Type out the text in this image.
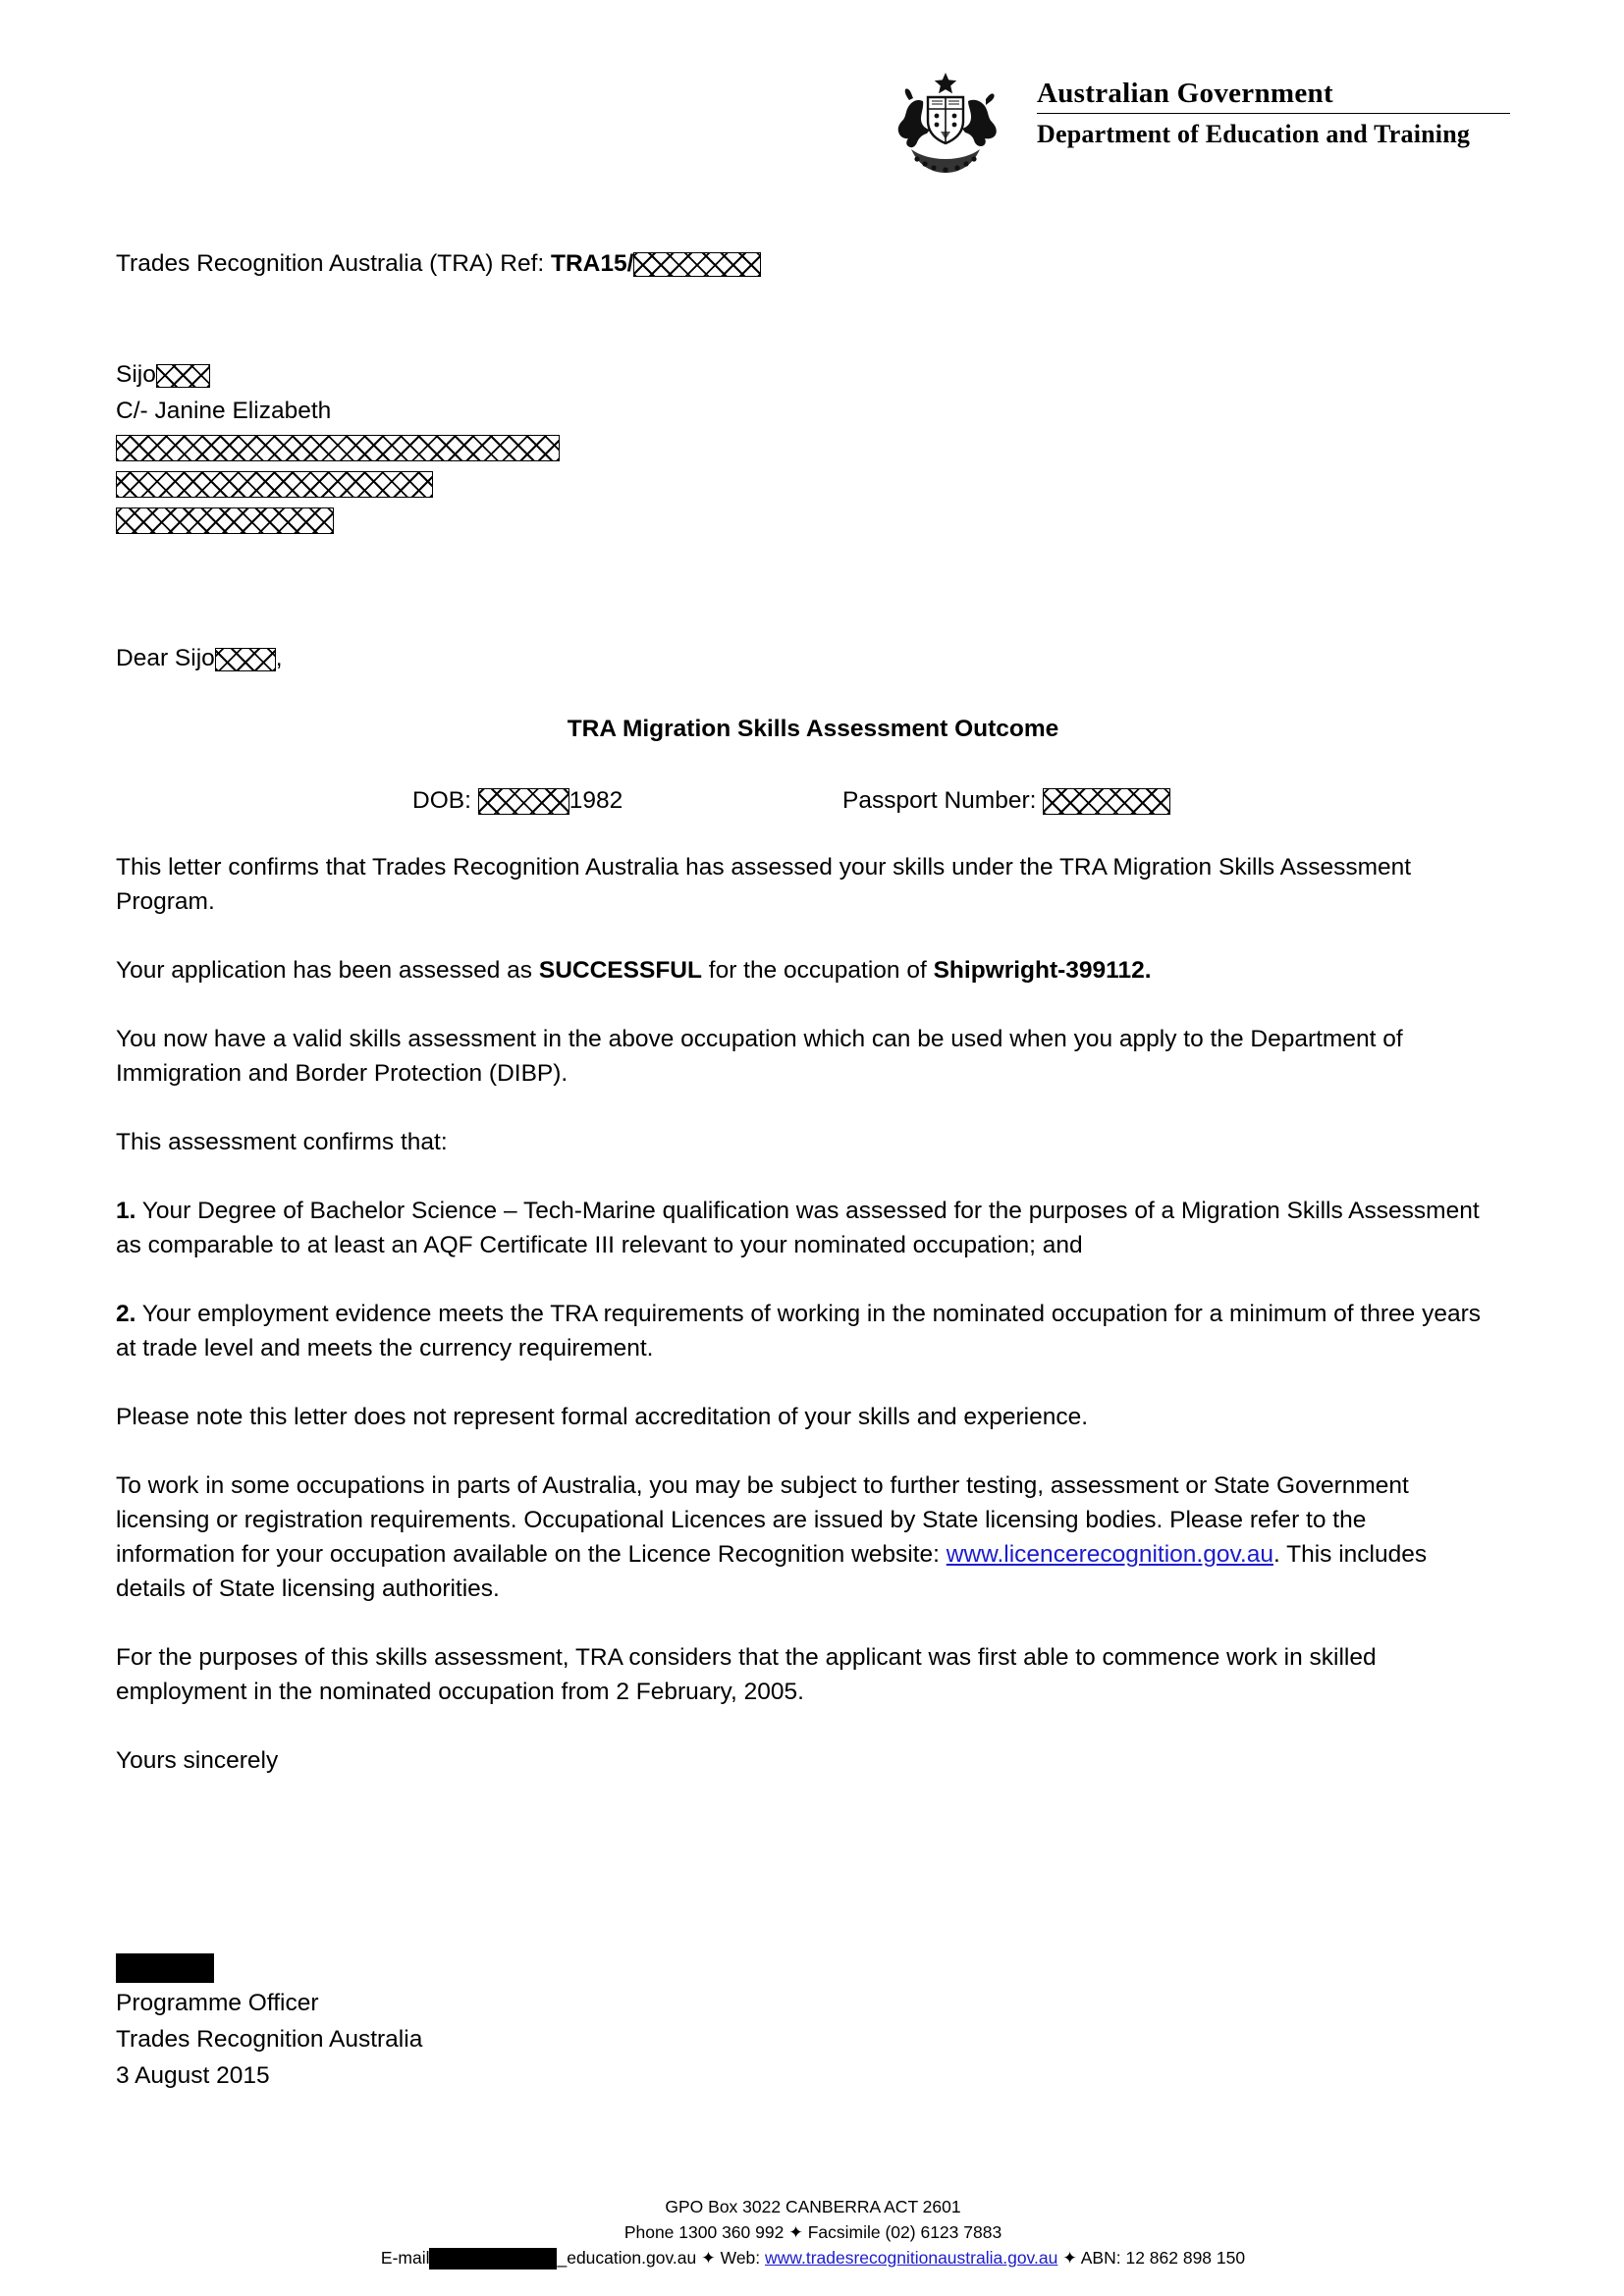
Australian Government
Department of Education and Training
Trades Recognition Australia (TRA) Ref: TRA15/
Sijo
C/- Janine Elizabeth
Dear Sijo	,
TRA Migration Skills Assessment Outcome
DOB:	1982	Passport Number:
This letter confirms that Trades Recognition Australia has assessed your skills under the TRA Migration Skills Assessment Program.
Your application has been assessed as SUCCESSFUL for the occupation of Shipwright-399112.
You now have a valid skills assessment in the above occupation which can be used when you apply to the Department of Immigration and Border Protection (DIBP).
This assessment confirms that:
1. Your Degree of Bachelor Science – Tech-Marine qualification was assessed for the purposes of a Migration Skills Assessment as comparable to at least an AQF Certificate III relevant to your nominated occupation; and
2. Your employment evidence meets the TRA requirements of working in the nominated occupation for a minimum of three years at trade level and meets the currency requirement.
Please note this letter does not represent formal accreditation of your skills and experience.
To work in some occupations in parts of Australia, you may be subject to further testing, assessment or State Government licensing or registration requirements. Occupational Licences are issued by State licensing bodies. Please refer to the information for your occupation available on the Licence Recognition website: www.licencerecognition.gov.au. This includes details of State licensing authorities.
For the purposes of this skills assessment, TRA considers that the applicant was first able to commence work in skilled employment in the nominated occupation from 2 February, 2005.
Yours sincerely
Programme Officer
Trades Recognition Australia
3 August 2015
GPO Box 3022 CANBERRA ACT 2601
Phone 1300 360 992 ✦ Facsimile (02) 6123 7883
E-mail	_education.gov.au ✦ Web: www.tradesrecognitionaustralia.gov.au ✦ ABN: 12 862 898 150
